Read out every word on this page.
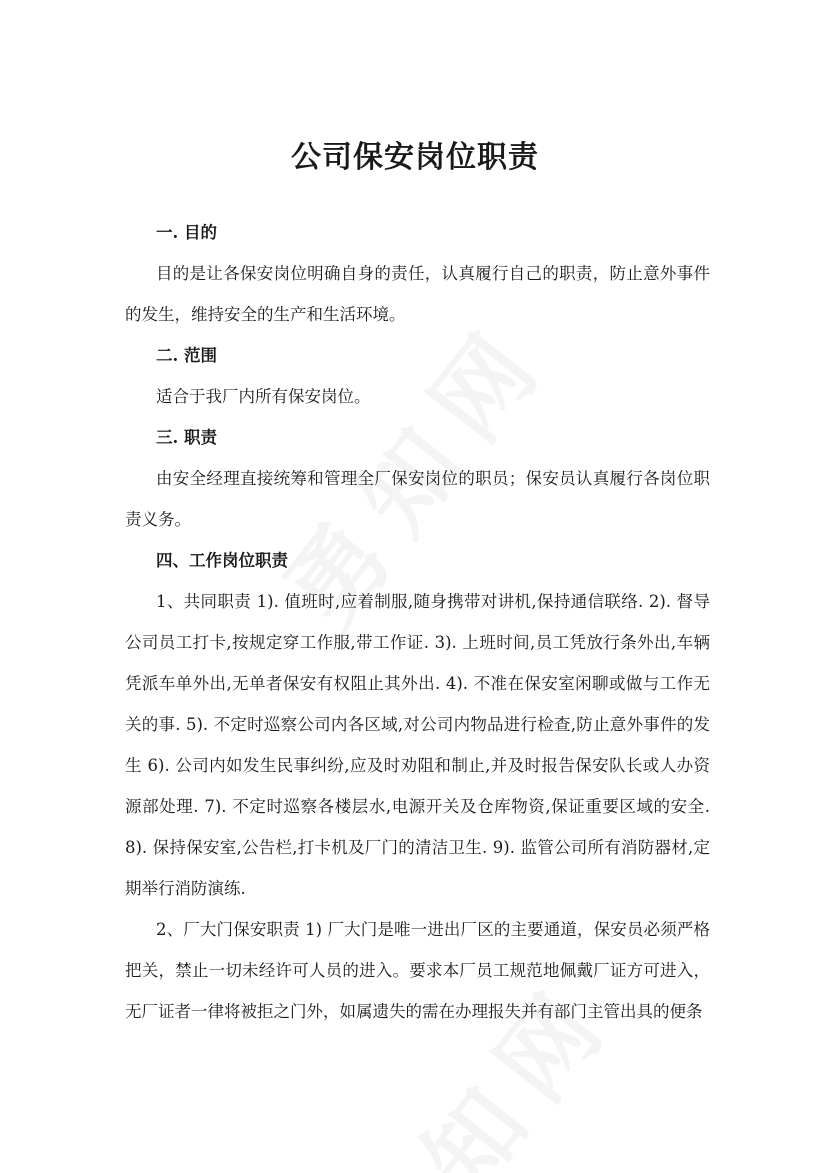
公司保安岗位职责

一. 目的

目的是让各保安岗位明确自身的责任，认真履行自己的职责，防止意外事件的发生，维持安全的生产和生活环境。

二. 范围

适合于我厂内所有保安岗位。

三. 职责

由安全经理直接统筹和管理全厂保安岗位的职员；保安员认真履行各岗位职责义务。

四、工作岗位职责

1、共同职责 1). 值班时,应着制服,随身携带对讲机,保持通信联络. 2). 督导公司员工打卡,按规定穿工作服,带工作证. 3). 上班时间,员工凭放行条外出,车辆凭派车单外出,无单者保安有权阻止其外出. 4). 不准在保安室闲聊或做与工作无关的事. 5). 不定时巡察公司内各区域,对公司内物品进行检查,防止意外事件的发生 6). 公司内如发生民事纠纷,应及时劝阻和制止,并及时报告保安队长或人办资源部处理. 7). 不定时巡察各楼层水,电源开关及仓库物资,保证重要区域的安全. 8). 保持保安室,公告栏,打卡机及厂门的清洁卫生. 9). 监管公司所有消防器材,定期举行消防演练.

2、厂大门保安职责 1) 厂大门是唯一进出厂区的主要通道，保安员必须严格把关，禁止一切未经许可人员的进入。要求本厂员工规范地佩戴厂证方可进入，无厂证者一律将被拒之门外，如属遗失的需在办理报失并有部门主管出具的便条
